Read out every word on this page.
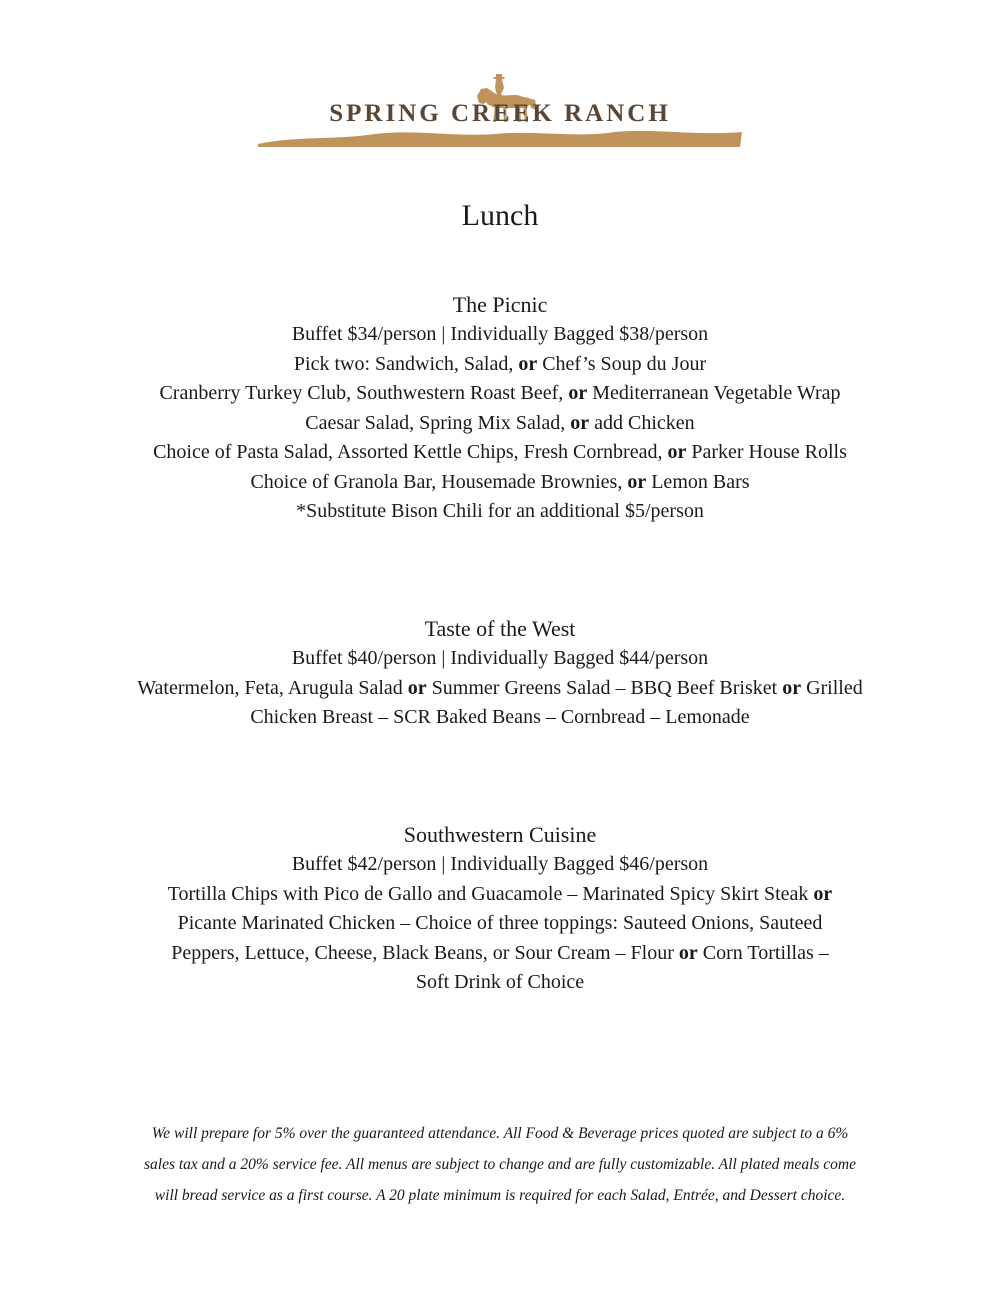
SPRING CREEK RANCH
Lunch
The Picnic
Buffet $34/person | Individually Bagged $38/person
Pick two: Sandwich, Salad, or Chef’s Soup du Jour
Cranberry Turkey Club, Southwestern Roast Beef, or Mediterranean Vegetable Wrap
Caesar Salad, Spring Mix Salad, or add Chicken
Choice of Pasta Salad, Assorted Kettle Chips, Fresh Cornbread, or Parker House Rolls
Choice of Granola Bar, Housemade Brownies, or Lemon Bars
*Substitute Bison Chili for an additional $5/person
Taste of the West
Buffet $40/person | Individually Bagged $44/person
Watermelon, Feta, Arugula Salad or Summer Greens Salad – BBQ Beef Brisket or Grilled
Chicken Breast – SCR Baked Beans – Cornbread – Lemonade
Southwestern Cuisine
Buffet $42/person | Individually Bagged $46/person
Tortilla Chips with Pico de Gallo and Guacamole – Marinated Spicy Skirt Steak or
Picante Marinated Chicken – Choice of three toppings: Sauteed Onions, Sauteed
Peppers, Lettuce, Cheese, Black Beans, or Sour Cream – Flour or Corn Tortillas –
Soft Drink of Choice
We will prepare for 5% over the guaranteed attendance. All Food & Beverage prices quoted are subject to a 6%
sales tax and a 20% service fee. All menus are subject to change and are fully customizable. All plated meals come
will bread service as a first course. A 20 plate minimum is required for each Salad, Entrée, and Dessert choice.
